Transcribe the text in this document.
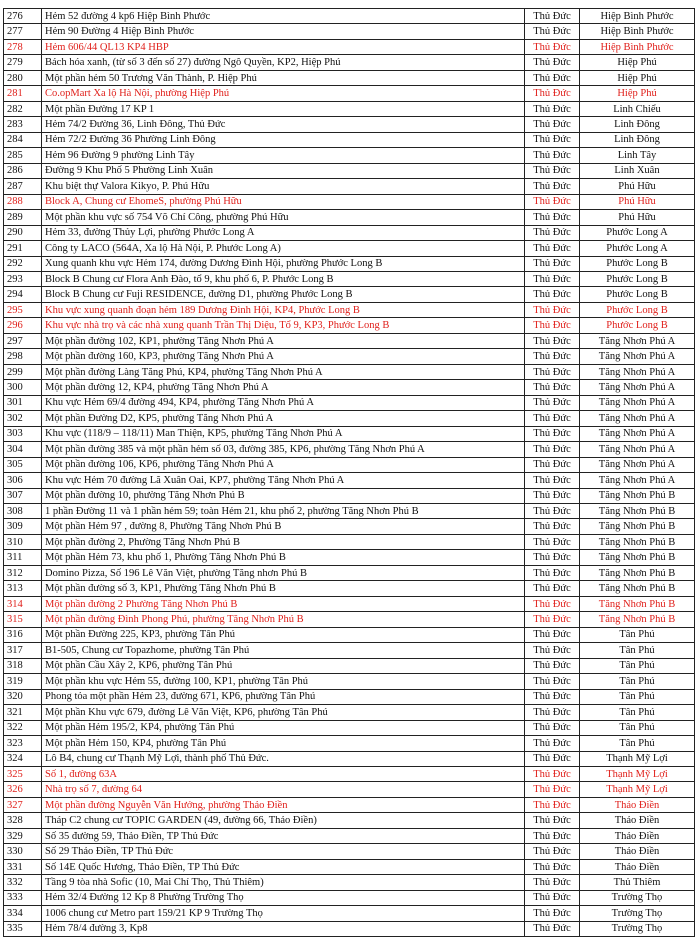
276	Hẻm 52 đường 4 kp6 Hiệp Bình Phước	Thủ Đức	Hiệp Bình Phước
277	Hẻm 90 Đường 4 Hiệp Bình Phước	Thủ Đức	Hiệp Bình Phước
278	Hẻm 606/44 QL13 KP4 HBP	Thủ Đức	Hiệp Bình Phước
279	Bách hóa xanh, (từ số 3 đến số 27) đường Ngô Quyền, KP2, Hiệp Phú	Thủ Đức	Hiệp Phú
280	Một phần hẻm 50 Trương Văn Thành, P. Hiệp Phú	Thủ Đức	Hiệp Phú
281	Co.opMart Xa lộ Hà Nội, phường Hiệp Phú	Thủ Đức	Hiệp Phú
282	Một phần Đường 17 KP 1	Thủ Đức	Linh Chiểu
283	Hẻm 74/2 Đường 36, Linh Đông, Thủ Đức	Thủ Đức	Linh Đông
284	Hẻm 72/2 Đường 36 Phường Linh Đông	Thủ Đức	Linh Đông
285	Hẻm 96 Đường 9 phường Linh Tây	Thủ Đức	Linh Tây
286	Đường 9 Khu Phố 5 Phường Linh Xuân	Thủ Đức	Linh Xuân
287	Khu biệt thự Valora Kikyo, P. Phú Hữu	Thủ Đức	Phú Hữu
288	Block A, Chung cư EhomeS, phường Phú Hữu	Thủ Đức	Phú Hữu
289	Một phần khu vực số 754 Võ Chí Công, phường Phú Hữu	Thủ Đức	Phú Hữu
290	Hẻm 33, đường Thủy Lợi, phường Phước Long A	Thủ Đức	Phước Long A
291	Công ty LACO (564A, Xa lộ Hà Nội, P. Phước Long A)	Thủ Đức	Phước Long A
292	Xung quanh khu vực Hẻm 174, đường Dương Đình Hội, phường Phước Long B	Thủ Đức	Phước Long B
293	Block B Chung cư Flora Anh Đào, tổ 9, khu phố 6, P. Phước Long B	Thủ Đức	Phước Long B
294	Block B Chung cư Fuji RESIDENCE, đường D1, phường Phước Long B	Thủ Đức	Phước Long B
295	Khu vực xung quanh đoạn hẻm 189 Dương Đình Hội, KP4, Phước Long B	Thủ Đức	Phước Long B
296	Khu vực nhà trọ và các nhà xung quanh Trần Thị Diệu, Tổ 9, KP3, Phước Long B	Thủ Đức	Phước Long B
297	Một phần đường 102, KP1, phường Tăng Nhơn Phú A	Thủ Đức	Tăng Nhơn Phú A
298	Một phần đường 160, KP3, phường Tăng Nhơn Phú A	Thủ Đức	Tăng Nhơn Phú A
299	Một phần đường Làng Tăng Phú, KP4, phường Tăng Nhơn Phú A	Thủ Đức	Tăng Nhơn Phú A
300	Một phần đường 12, KP4, phường Tăng Nhơn Phú A	Thủ Đức	Tăng Nhơn Phú A
301	Khu vực Hẻm 69/4 đường 494, KP4, phường Tăng Nhơn Phú A	Thủ Đức	Tăng Nhơn Phú A
302	Một phần Đường D2, KP5, phường Tăng Nhơn Phú A	Thủ Đức	Tăng Nhơn Phú A
303	Khu vực (118/9 – 118/11) Man Thiện, KP5, phường Tăng Nhơn Phú A	Thủ Đức	Tăng Nhơn Phú A
304	Một phần đường 385 và một phần hẻm số 03, đường 385, KP6, phường Tăng Nhơn Phú A	Thủ Đức	Tăng Nhơn Phú A
305	Một phần đường 106, KP6, phường Tăng Nhơn Phú A	Thủ Đức	Tăng Nhơn Phú A
306	Khu vực Hẻm 70 đường Lã Xuân Oai, KP7, phường Tăng Nhơn Phú A	Thủ Đức	Tăng Nhơn Phú A
307	Một phần đường 10, phường Tăng Nhơn Phú B	Thủ Đức	Tăng Nhơn Phú B
308	1 phần Đường 11 và 1 phần hẻm 59; toàn Hẻm 21, khu phố 2, phường Tăng Nhơn Phú B	Thủ Đức	Tăng Nhơn Phú B
309	Một phần Hẻm 97 , đường 8, Phường Tăng Nhơn Phú B	Thủ Đức	Tăng Nhơn Phú B
310	Một phần đường 2, Phường Tăng Nhơn Phú B	Thủ Đức	Tăng Nhơn Phú B
311	Một phần Hẻm 73, khu phố 1, Phường Tăng Nhơn Phú B	Thủ Đức	Tăng Nhơn Phú B
312	Domino Pizza, Số 196 Lê Văn Việt, phường Tăng nhơn Phú B	Thủ Đức	Tăng Nhơn Phú B
313	Một phần đường số 3, KP1, Phường Tăng Nhơn Phú B	Thủ Đức	Tăng Nhơn Phú B
314	Một phần đường 2 Phường Tăng Nhơn Phú B	Thủ Đức	Tăng Nhơn Phú B
315	Một phần đường Đình Phong Phú, phường Tăng Nhơn Phú B	Thủ Đức	Tăng Nhơn Phú B
316	Một phần Đường 225, KP3, phường Tân Phú	Thủ Đức	Tân Phú
317	B1-505, Chung cư Topazhome, phường Tân Phú	Thủ Đức	Tân Phú
318	Một phần Cầu Xây 2, KP6, phường Tân Phú	Thủ Đức	Tân Phú
319	Một phần khu vực Hẻm 55, đường 100, KP1, phường Tân Phú	Thủ Đức	Tân Phú
320	Phong tỏa một phần Hẻm 23, đường 671, KP6, phường Tân Phú	Thủ Đức	Tân Phú
321	Một phần Khu vực 679, đường Lê Văn Việt, KP6, phường Tân Phú	Thủ Đức	Tân Phú
322	Một phần Hẻm 195/2, KP4, phường Tân Phú	Thủ Đức	Tân Phú
323	Một phần Hẻm 150, KP4, phường Tân Phú	Thủ Đức	Tân Phú
324	Lô B4, chung cư Thạnh Mỹ Lợi, thành phố Thủ Đức.	Thủ Đức	Thạnh Mỹ Lợi
325	Số 1, đường 63A	Thủ Đức	Thạnh Mỹ Lợi
326	Nhà trọ số 7, đường 64	Thủ Đức	Thạnh Mỹ Lợi
327	Một phần đường Nguyễn Văn Hưởng, phường Thảo Điền	Thủ Đức	Thảo Điền
328	Tháp C2 chung cư TOPIC GARDEN (49, đường 66, Thảo Điền)	Thủ Đức	Thảo Điền
329	Số 35 đường 59, Thảo Điền, TP Thủ Đức	Thủ Đức	Thảo Điền
330	Số 29 Thảo Điền, TP Thủ Đức	Thủ Đức	Thảo Điền
331	Số 14E Quốc Hương, Thảo Điền, TP Thủ Đức	Thủ Đức	Thảo Điền
332	Tầng 9 tòa nhà Sofic (10, Mai Chí Thọ, Thủ Thiêm)	Thủ Đức	Thủ Thiêm
333	Hẻm 32/4 Đường 12 Kp 8 Phường Trường Thọ	Thủ Đức	Trường Thọ
334	1006 chung cư Metro part 159/21 KP 9 Trường Thọ	Thủ Đức	Trường Thọ
335	Hẻm 78/4 đường 3, Kp8	Thủ Đức	Trường Thọ
